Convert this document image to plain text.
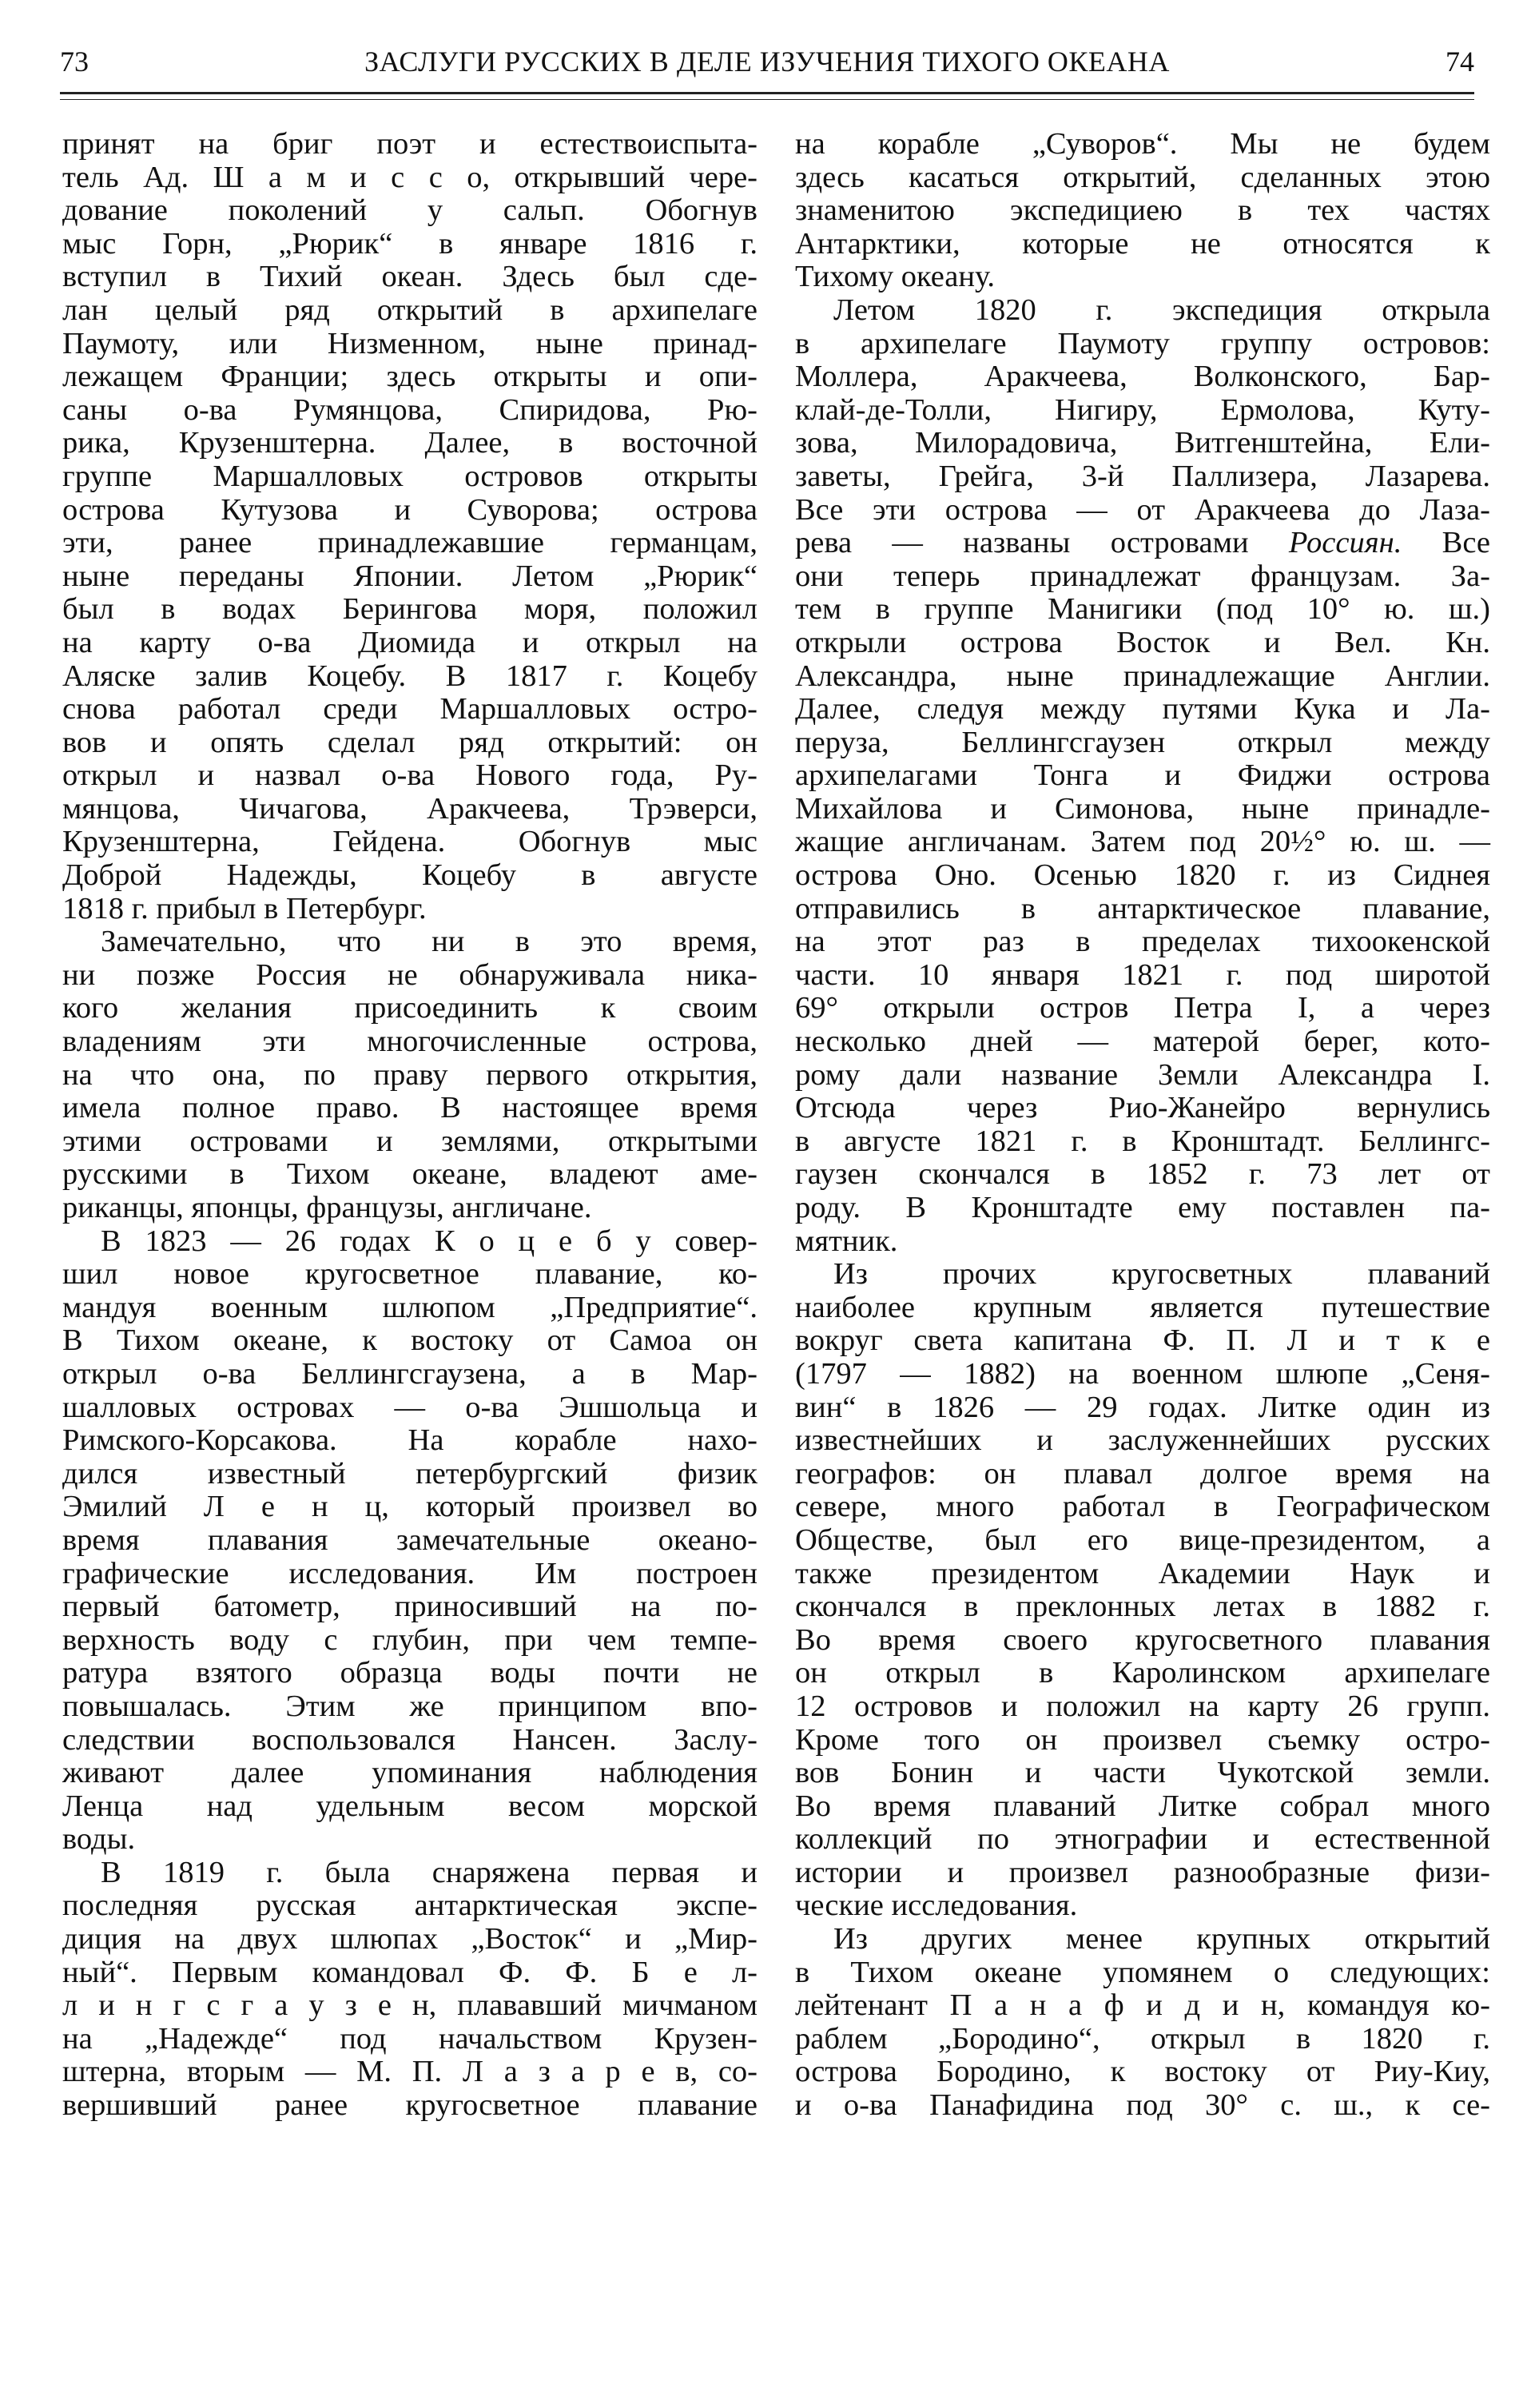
73	ЗАСЛУГИ РУССКИХ В ДЕЛЕ ИЗУЧЕНИЯ ТИХОГО ОКЕАНА	74
принят на бриг поэт и естествоиспыта-
тель Ад. Ш а м и с с о, открывший чере-
дование поколений у сальп. Обогнув
мыс Горн, „Рюрик“ в январе 1816 г.
вступил в Тихий океан. Здесь был сде-
лан целый ряд открытий в архипелаге
Паумоту, или Низменном, ныне принад-
лежащем Франции; здесь открыты и опи-
саны о-ва Румянцова, Спиридова, Рю-
рика, Крузенштерна. Далее, в восточной
группе Маршалловых островов открыты
острова Кутузова и Суворова; острова
эти, ранее принадлежавшие германцам,
ныне переданы Японии. Летом „Рюрик“
был в водах Берингова моря, положил
на карту о-ва Диомида и открыл на
Аляске залив Коцебу. В 1817 г. Коцебу
снова работал среди Маршалловых остро-
вов и опять сделал ряд открытий: он
открыл и назвал о-ва Нового года, Ру-
мянцова, Чичагова, Аракчеева, Трэверси,
Крузенштерна, Гейдена. Обогнув мыс
Доброй Надежды, Коцебу в августе
1818 г. прибыл в Петербург.
Замечательно, что ни в это время,
ни позже Россия не обнаруживала ника-
кого желания присоединить к своим
владениям эти многочисленные острова,
на что она, по праву первого открытия,
имела полное право. В настоящее время
этими островами и землями, открытыми
русскими в Тихом океане, владеют аме-
риканцы, японцы, французы, англичане.
В 1823 — 26 годах К о ц е б у совер-
шил новое кругосветное плавание, ко-
мандуя военным шлюпом „Предприятие“.
В Тихом океане, к востоку от Самоа он
открыл о-ва Беллингсгаузена, а в Мар-
шалловых островах — о-ва Эшшольца и
Римского-Корсакова. На корабле нахо-
дился известный петербургский физик
Эмилий Л е н ц, который произвел во
время плавания замечательные океано-
графические исследования. Им построен
первый батометр, приносивший на по-
верхность воду с глубин, при чем темпе-
ратура взятого образца воды почти не
повышалась. Этим же принципом впо-
следствии воспользовался Нансен. Заслу-
живают далее упоминания наблюдения
Ленца над удельным весом морской
воды.
В 1819 г. была снаряжена первая и
последняя русская антарктическая экспе-
диция на двух шлюпах „Восток“ и „Мир-
ный“. Первым командовал Ф. Ф. Б е л-
л и н г с г а у з е н, плававший мичманом
на „Надежде“ под начальством Крузен-
штерна, вторым — М. П. Л а з а р е в, со-
вершивший ранее кругосветное плавание
на корабле „Суворов“. Мы не будем
здесь касаться открытий, сделанных этою
знаменитою экспедициею в тех частях
Антарктики, которые не относятся к
Тихому океану.
Летом 1820 г. экспедиция открыла
в архипелаге Паумоту группу островов:
Моллера, Аракчеева, Волконского, Бар-
клай-де-Толли, Нигиру, Ермолова, Куту-
зова, Милорадовича, Витгенштейна, Ели-
заветы, Грейга, 3-й Паллизера, Лазарева.
Все эти острова — от Аракчеева до Лаза-
рева — названы островами Россиян. Все
они теперь принадлежат французам. За-
тем в группе Манигики (под 10° ю. ш.)
открыли острова Восток и Вел. Кн.
Александра, ныне принадлежащие Англии.
Далее, следуя между путями Кука и Ла-
перуза, Беллингсгаузен открыл между
архипелагами Тонга и Фиджи острова
Михайлова и Симонова, ныне принадле-
жащие англичанам. Затем под 20½° ю. ш. —
острова Оно. Осенью 1820 г. из Сиднея
отправились в антарктическое плавание,
на этот раз в пределах тихоокенской
части. 10 января 1821 г. под широтой
69° открыли остров Петра I, а через
несколько дней — матерой берег, кото-
рому дали название Земли Александра I.
Отсюда через Рио-Жанейро вернулись
в августе 1821 г. в Кронштадт. Беллингс-
гаузен скончался в 1852 г. 73 лет от
роду. В Кронштадте ему поставлен па-
мятник.
Из прочих кругосветных плаваний
наиболее крупным является путешествие
вокруг света капитана Ф. П. Л и т к е
(1797 — 1882) на военном шлюпе „Сеня-
вин“ в 1826 — 29 годах. Литке один из
известнейших и заслуженнейших русских
географов: он плавал долгое время на
севере, много работал в Географическом
Обществе, был его вице-президентом, а
также президентом Академии Наук и
скончался в преклонных летах в 1882 г.
Во время своего кругосветного плавания
он открыл в Каролинском архипелаге
12 островов и положил на карту 26 групп.
Кроме того он произвел съемку остро-
вов Бонин и части Чукотской земли.
Во время плаваний Литке собрал много
коллекций по этнографии и естественной
истории и произвел разнообразные физи-
ческие исследования.
Из других менее крупных открытий
в Тихом океане упомянем о следующих:
лейтенант П а н а ф и д и н, командуя ко-
раблем „Бородино“, открыл в 1820 г.
острова Бородино, к востоку от Риу-Киу,
и о-ва Панафидина под 30° с. ш., к се-
